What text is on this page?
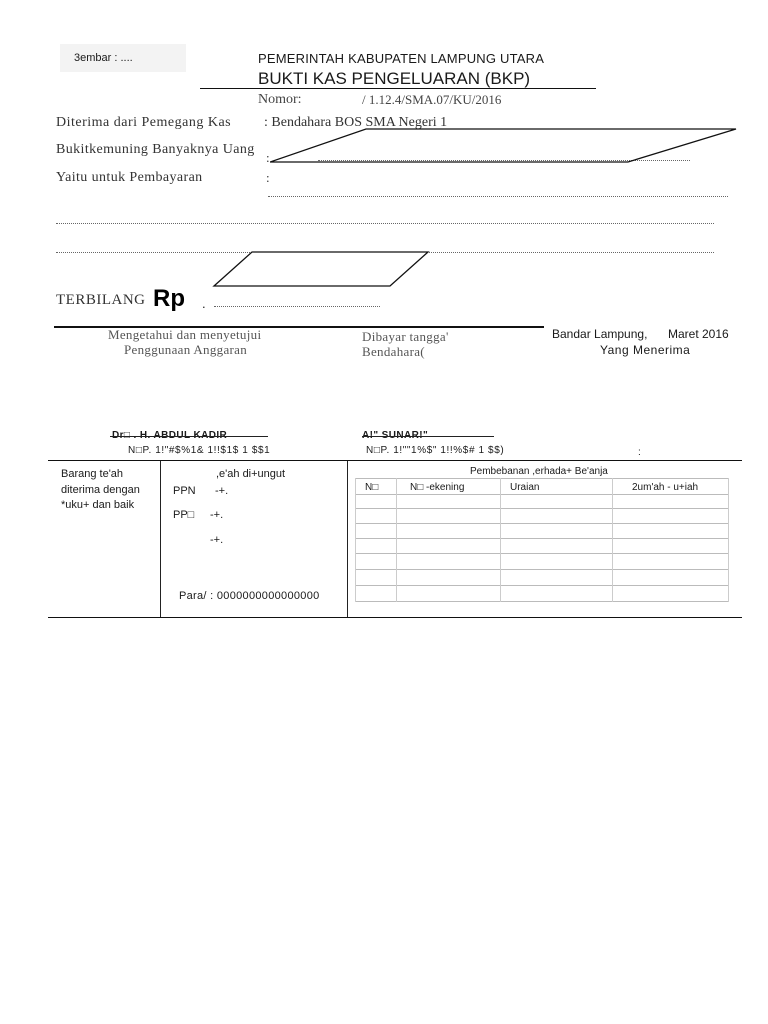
3embar : ....	PEMERINTAH KABUPATEN LAMPUNG UTARA
BUKTI KAS PENGELUARAN (BKP)
Nomor:	/ 1.12.4/SMA.07/KU/2016
Diterima dari Pemegang Kas : Bendahara BOS SMA Negeri 1
Bukitkemuning Banyaknya Uang
:
Yaitu untuk Pembayaran	:
TERBILANG Rp .
Mengetahui dan menyetujui
Penggunaan Anggaran
Dibayar tangga'
Bendahara(
Bandar Lampung, Maret 2016
Yang Menerima
Dr□ . H. ABDUL KADIR
N□P. 1!"#$%1& 1!!$1$ 1 $$1
A!" SUNAR!"
N□P. 1!""1%$" 1!!%$# 1 $$)	:
Barang te'ah
diterima dengan
*uku+ dan baik
,e'ah di+ungut
PPN -+.
PP□ -+.
-+.
Para/ : 0000000000000000
Pembebanan ,erhada+ Be'anja
N□	N□ -ekening	Uraian	2um'ah - u+iah
